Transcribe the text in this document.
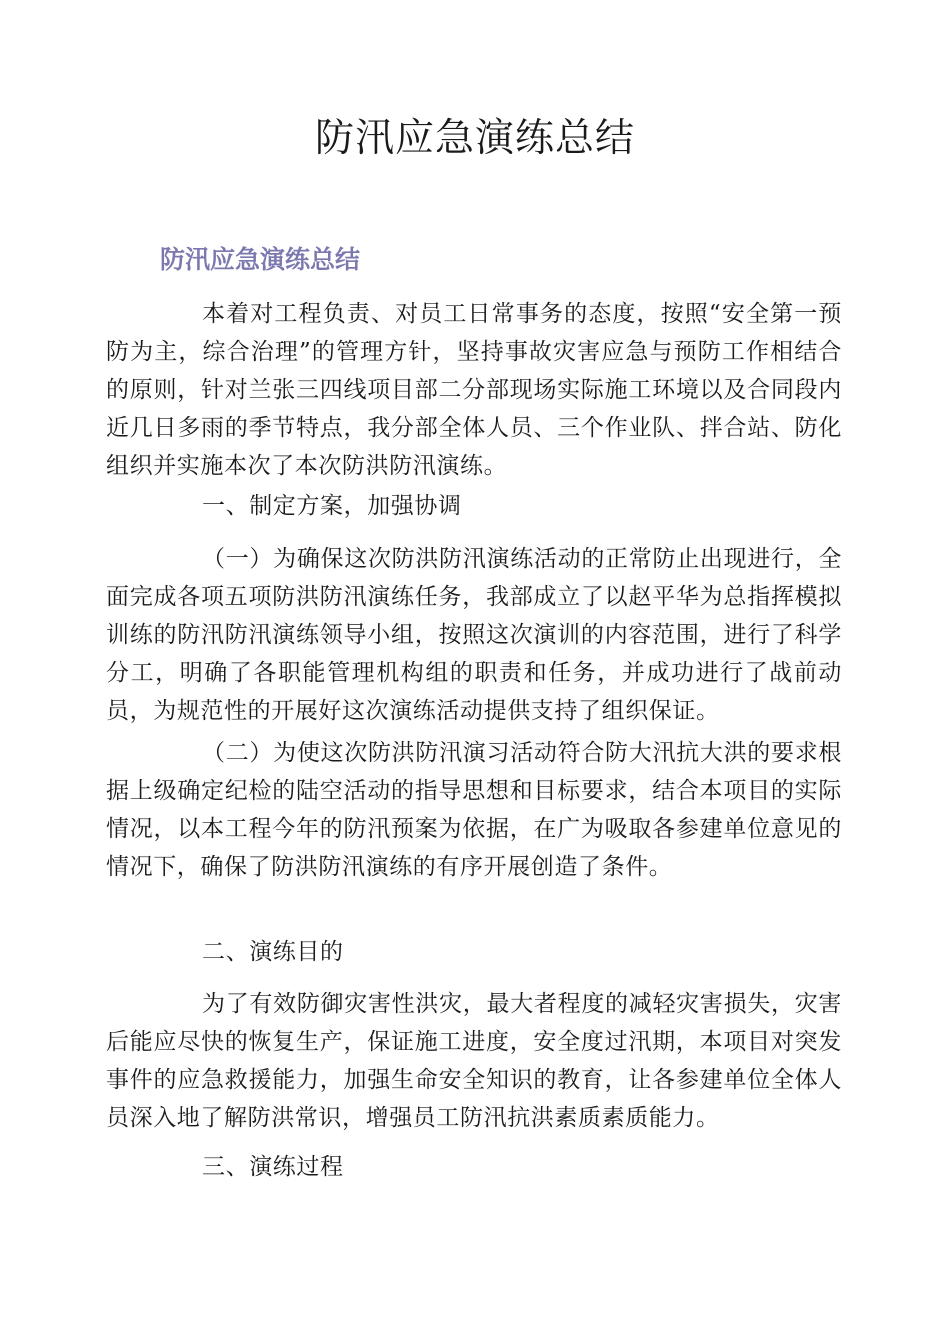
防汛应急演练总结
防汛应急演练总结

本着对工程负责、对员工日常事务的态度，按照“安全第一预防为主，综合治理”的管理方针，坚持事故灾害应急与预防工作相结合的原则，针对兰张三四线项目部二分部现场实际施工环境以及合同段内近几日多雨的季节特点，我分部全体人员、三个作业队、拌合站、防化组织并实施本次了本次防洪防汛演练。

一、制定方案，加强协调

（一）为确保这次防洪防汛演练活动的正常防止出现进行，全面完成各项五项防洪防汛演练任务，我部成立了以赵平华为总指挥模拟训练的防汛防汛演练领导小组，按照这次演训的内容范围，进行了科学分工，明确了各职能管理机构组的职责和任务，并成功进行了战前动员，为规范性的开展好这次演练活动提供支持了组织保证。

（二）为使这次防洪防汛演习活动符合防大汛抗大洪的要求根据上级确定纪检的陆空活动的指导思想和目标要求，结合本项目的实际情况，以本工程今年的防汛预案为依据，在广为吸取各参建单位意见的情况下，确保了防洪防汛演练的有序开展创造了条件。

二、演练目的

为了有效防御灾害性洪灾，最大者程度的减轻灾害损失，灾害后能应尽快的恢复生产，保证施工进度，安全度过汛期，本项目对突发事件的应急救援能力，加强生命安全知识的教育，让各参建单位全体人员深入地了解防洪常识，增强员工防汛抗洪素质素质能力。

三、演练过程
